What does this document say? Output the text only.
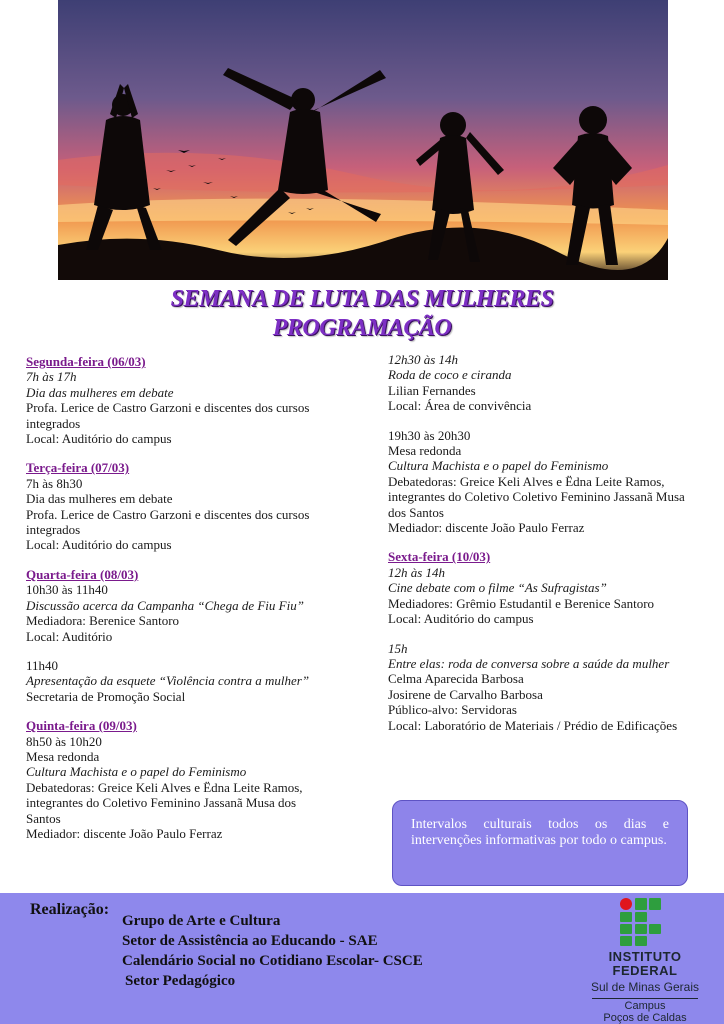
SEMANA DE LUTA DAS MULHERES
PROGRAMAÇÃO

Segunda-feira (06/03)

7h às 17h

Dia das mulheres em debate

Profa. Lerice de Castro Garzoni e discentes dos cursos integrados

Local: Auditório do campus

Terça-feira (07/03)

7h às 8h30

Dia das mulheres em debate

Profa. Lerice de Castro Garzoni e discentes dos cursos integrados

Local: Auditório do campus

Quarta-feira (08/03)

10h30 às 11h40

Discussão acerca da Campanha “Chega de Fiu Fiu”

Mediadora: Berenice Santoro

Local: Auditório

11h40

Apresentação da esquete “Violência contra a mulher”

Secretaria de Promoção Social

Quinta-feira (09/03)

8h50 às 10h20

Mesa redonda

Cultura Machista e o papel do Feminismo

Debatedoras: Greice Keli Alves e Ëdna Leite Ramos, integrantes do Coletivo Feminino Jassanã Musa dos Santos

Mediador: discente João Paulo Ferraz

12h30 às 14h

Roda de coco e ciranda

Lilian Fernandes

Local: Área de convivência

19h30 às 20h30

Mesa redonda

Cultura Machista e o papel do Feminismo

Debatedoras: Greice Keli Alves e Ëdna Leite Ramos, integrantes do Coletivo Coletivo Feminino Jassanã Musa dos Santos

Mediador: discente João Paulo Ferraz

Sexta-feira (10/03)

12h às 14h

Cine debate com o filme “As Sufragistas”

Mediadores: Grêmio Estudantil e Berenice Santoro

Local: Auditório do campus

15h

Entre elas: roda de conversa sobre a saúde da mulher

Celma Aparecida Barbosa

Josirene de Carvalho Barbosa

Público-alvo: Servidoras

Local: Laboratório de Materiais / Prédio de Edificações

Intervalos culturais todos os dias e intervenções informativas por todo o campus.
Realização:
Grupo de Arte e Cultura
Setor de Assistência ao Educando - SAE
Calendário Social no Cotidiano Escolar- CSCE
Setor Pedagógico
INSTITUTO
FEDERAL
Sul de Minas Gerais
Campus
Poços de Caldas
